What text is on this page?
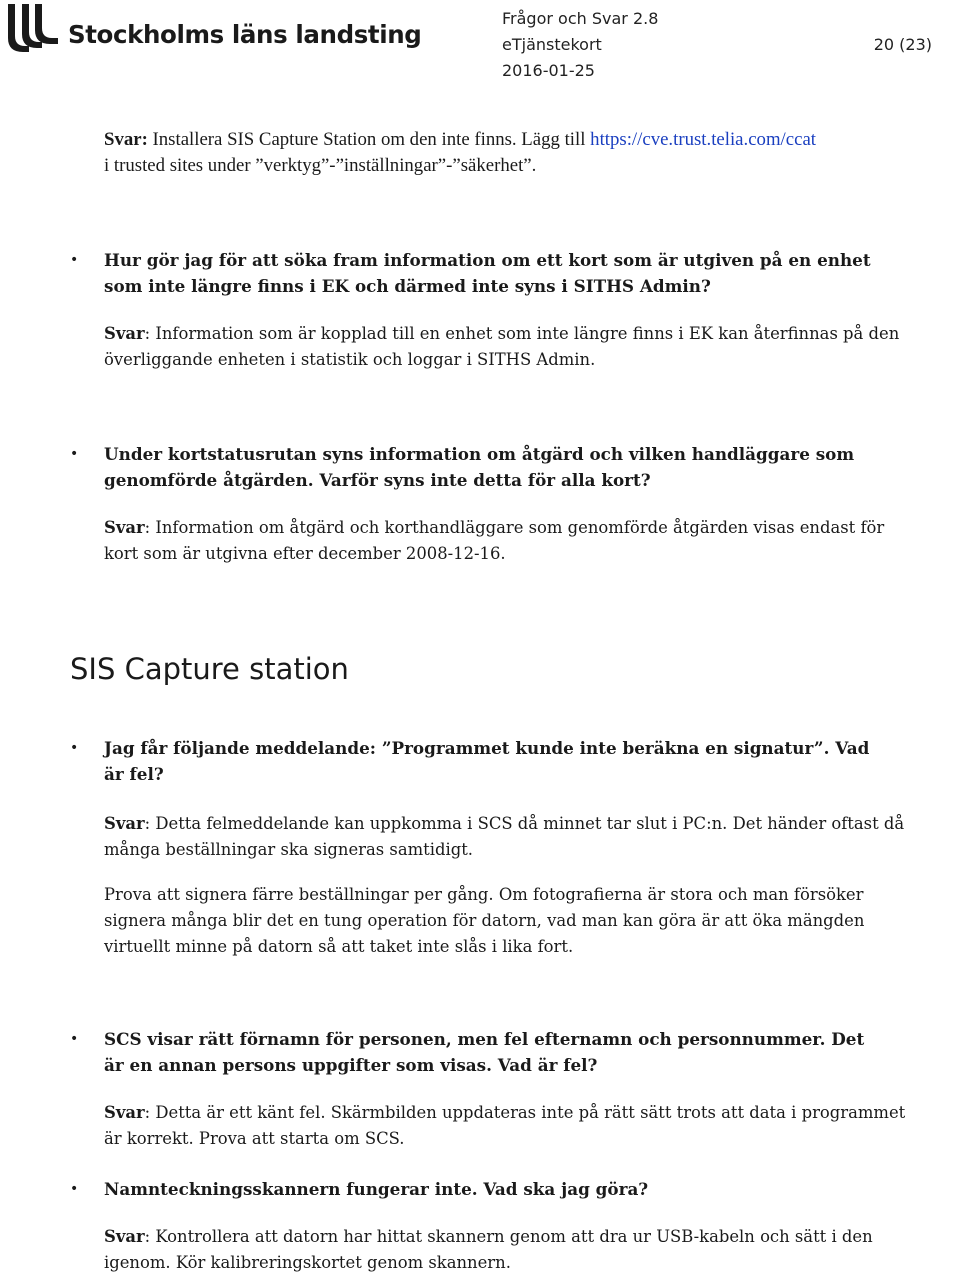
Stockholms läns landsting
Frågor och Svar 2.8
eTjänstekort
2016-01-25
20 (23)
Svar: Installera SIS Capture Station om den inte finns. Lägg till https://cve.trust.telia.com/ccat
i trusted sites under ”verktyg”-”inställningar”-”säkerhet”.
• Hur gör jag för att söka fram information om ett kort som är utgiven på en enhet
som inte längre finns i EK och därmed inte syns i SITHS Admin?
Svar: Information som är kopplad till en enhet som inte längre finns i EK kan återfinnas på den
överliggande enheten i statistik och loggar i SITHS Admin.
• Under kortstatusrutan syns information om åtgärd och vilken handläggare som
genomförde åtgärden. Varför syns inte detta för alla kort?
Svar: Information om åtgärd och korthandläggare som genomförde åtgärden visas endast för
kort som är utgivna efter december 2008-12-16.
SIS Capture station
• Jag får följande meddelande: ”Programmet kunde inte beräkna en signatur”. Vad
är fel?
Svar: Detta felmeddelande kan uppkomma i SCS då minnet tar slut i PC:n. Det händer oftast då
många beställningar ska signeras samtidigt.
Prova att signera färre beställningar per gång. Om fotografierna är stora och man försöker
signera många blir det en tung operation för datorn, vad man kan göra är att öka mängden
virtuellt minne på datorn så att taket inte slås i lika fort.
• SCS visar rätt förnamn för personen, men fel efternamn och personnummer. Det
är en annan persons uppgifter som visas. Vad är fel?
Svar: Detta är ett känt fel. Skärmbilden uppdateras inte på rätt sätt trots att data i programmet
är korrekt. Prova att starta om SCS.
• Namnteckningsskannern fungerar inte. Vad ska jag göra?
Svar: Kontrollera att datorn har hittat skannern genom att dra ur USB-kabeln och sätt i den
igenom. Kör kalibreringskortet genom skannern.
